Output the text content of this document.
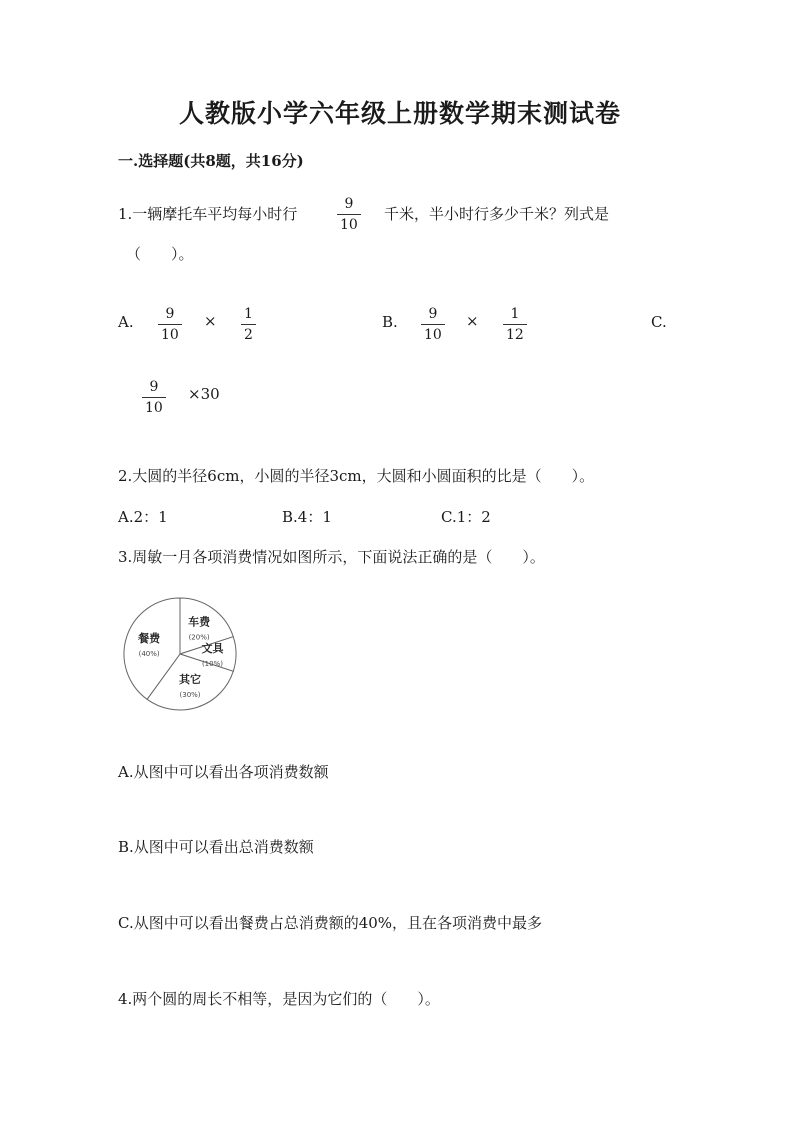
人教版小学六年级上册数学期末测试卷
一.选择题(共8题，共16分)
1.一辆摩托车平均每小时行	$\frac{9}{10}$ 千米，半小时行多少千米？列式是
（　　）。
A. $\frac{9}{10} \times \frac{1}{2}$	B. $\frac{9}{10} \times \frac{1}{12}$	C.
$\frac{9}{10} \times 30$
2.大圆的半径6cm，小圆的半径3cm，大圆和小圆面积的比是（　　）。
A.2：1	B.4：1	C.1：2
3.周敏一月各项消费情况如图所示，下面说法正确的是（　　）。
车费
(20%)
文具
(10%)
其它
(30%)
餐费
(40%)
A.从图中可以看出各项消费数额
B.从图中可以看出总消费数额
C.从图中可以看出餐费占总消费额的40%，且在各项消费中最多
4.两个圆的周长不相等，是因为它们的（　　）。
